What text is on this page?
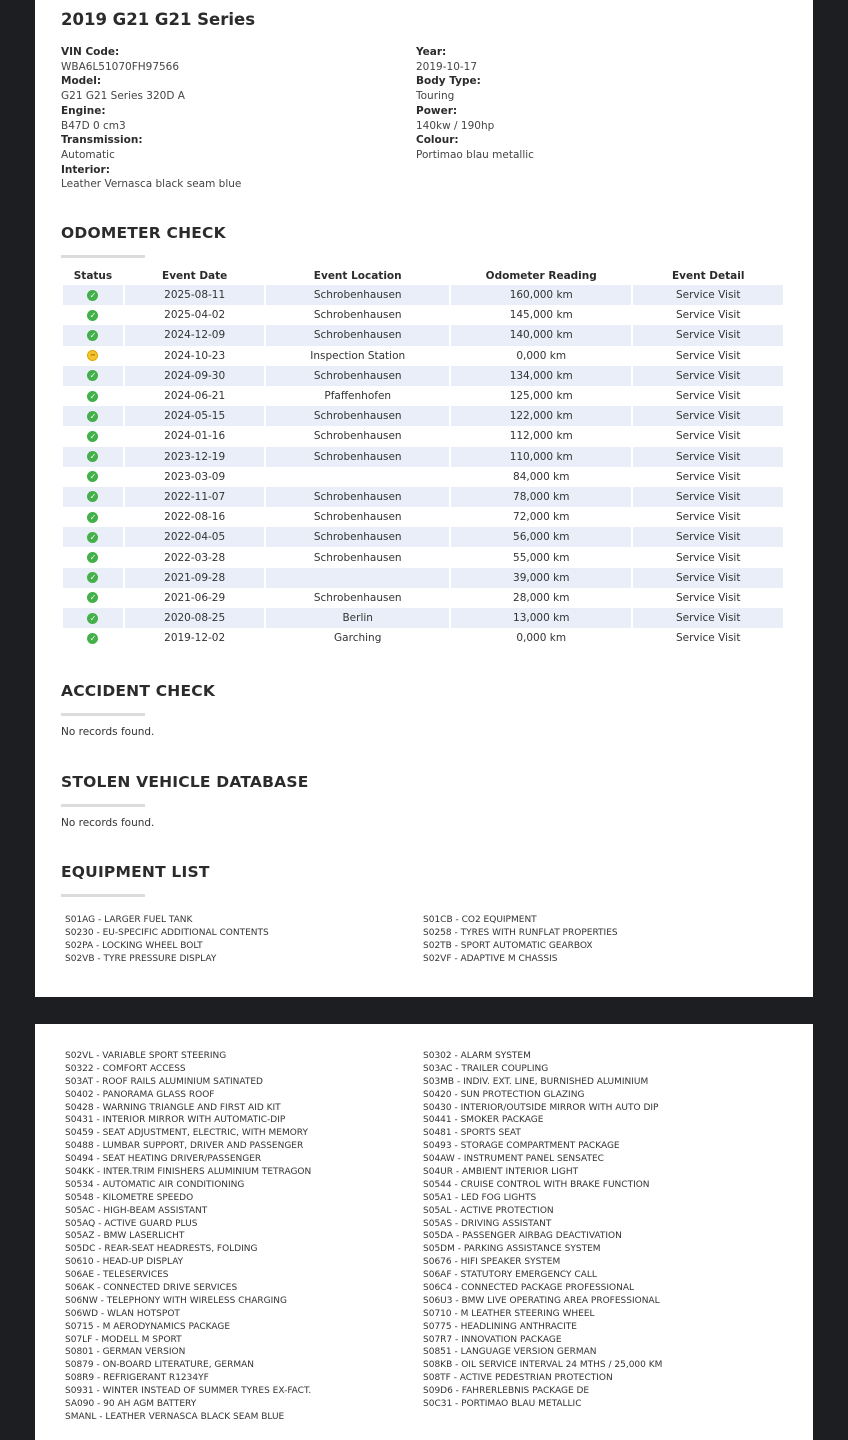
2019 G21 G21 Series
VIN Code:
WBA6L51070FH97566
Model:
G21 G21 Series 320D A
Engine:
B47D 0 cm3
Transmission:
Automatic
Interior:
Leather Vernasca black seam blue
Year:
2019-10-17
Body Type:
Touring
Power:
140kw / 190hp
Colour:
Portimao blau metallic
ODOMETER CHECK
Status	Event Date	Event Location	Odometer Reading	Event Detail
✓	2025-08-11	Schrobenhausen	160,000 km	Service Visit
✓	2025-04-02	Schrobenhausen	145,000 km	Service Visit
✓	2024-12-09	Schrobenhausen	140,000 km	Service Visit
−	2024-10-23	Inspection Station	0,000 km	Service Visit
✓	2024-09-30	Schrobenhausen	134,000 km	Service Visit
✓	2024-06-21	Pfaffenhofen	125,000 km	Service Visit
✓	2024-05-15	Schrobenhausen	122,000 km	Service Visit
✓	2024-01-16	Schrobenhausen	112,000 km	Service Visit
✓	2023-12-19	Schrobenhausen	110,000 km	Service Visit
✓	2023-03-09		84,000 km	Service Visit
✓	2022-11-07	Schrobenhausen	78,000 km	Service Visit
✓	2022-08-16	Schrobenhausen	72,000 km	Service Visit
✓	2022-04-05	Schrobenhausen	56,000 km	Service Visit
✓	2022-03-28	Schrobenhausen	55,000 km	Service Visit
✓	2021-09-28		39,000 km	Service Visit
✓	2021-06-29	Schrobenhausen	28,000 km	Service Visit
✓	2020-08-25	Berlin	13,000 km	Service Visit
✓	2019-12-02	Garching	0,000 km	Service Visit
ACCIDENT CHECK
No records found.
STOLEN VEHICLE DATABASE
No records found.
EQUIPMENT LIST
S01AG - LARGER FUEL TANK
S0230 - EU-SPECIFIC ADDITIONAL CONTENTS
S02PA - LOCKING WHEEL BOLT
S02VB - TYRE PRESSURE DISPLAY
S01CB - CO2 EQUIPMENT
S0258 - TYRES WITH RUNFLAT PROPERTIES
S02TB - SPORT AUTOMATIC GEARBOX
S02VF - ADAPTIVE M CHASSIS
S02VL - VARIABLE SPORT STEERING
S0322 - COMFORT ACCESS
S03AT - ROOF RAILS ALUMINIUM SATINATED
S0402 - PANORAMA GLASS ROOF
S0428 - WARNING TRIANGLE AND FIRST AID KIT
S0431 - INTERIOR MIRROR WITH AUTOMATIC-DIP
S0459 - SEAT ADJUSTMENT, ELECTRIC, WITH MEMORY
S0488 - LUMBAR SUPPORT, DRIVER AND PASSENGER
S0494 - SEAT HEATING DRIVER/PASSENGER
S04KK - INTER.TRIM FINISHERS ALUMINIUM TETRAGON
S0534 - AUTOMATIC AIR CONDITIONING
S0548 - KILOMETRE SPEEDO
S05AC - HIGH-BEAM ASSISTANT
S05AQ - ACTIVE GUARD PLUS
S05AZ - BMW LASERLICHT
S05DC - REAR-SEAT HEADRESTS, FOLDING
S0610 - HEAD-UP DISPLAY
S06AE - TELESERVICES
S06AK - CONNECTED DRIVE SERVICES
S06NW - TELEPHONY WITH WIRELESS CHARGING
S06WD - WLAN HOTSPOT
S0715 - M AERODYNAMICS PACKAGE
S07LF - MODELL M SPORT
S0801 - GERMAN VERSION
S0879 - ON-BOARD LITERATURE, GERMAN
S08R9 - REFRIGERANT R1234YF
S0931 - WINTER INSTEAD OF SUMMER TYRES EX-FACT.
SA090 - 90 AH AGM BATTERY
SMANL - LEATHER VERNASCA BLACK SEAM BLUE
S0302 - ALARM SYSTEM
S03AC - TRAILER COUPLING
S03MB - INDIV. EXT. LINE, BURNISHED ALUMINIUM
S0420 - SUN PROTECTION GLAZING
S0430 - INTERIOR/OUTSIDE MIRROR WITH AUTO DIP
S0441 - SMOKER PACKAGE
S0481 - SPORTS SEAT
S0493 - STORAGE COMPARTMENT PACKAGE
S04AW - INSTRUMENT PANEL SENSATEC
S04UR - AMBIENT INTERIOR LIGHT
S0544 - CRUISE CONTROL WITH BRAKE FUNCTION
S05A1 - LED FOG LIGHTS
S05AL - ACTIVE PROTECTION
S05AS - DRIVING ASSISTANT
S05DA - PASSENGER AIRBAG DEACTIVATION
S05DM - PARKING ASSISTANCE SYSTEM
S0676 - HIFI SPEAKER SYSTEM
S06AF - STATUTORY EMERGENCY CALL
S06C4 - CONNECTED PACKAGE PROFESSIONAL
S06U3 - BMW LIVE OPERATING AREA PROFESSIONAL
S0710 - M LEATHER STEERING WHEEL
S0775 - HEADLINING ANTHRACITE
S07R7 - INNOVATION PACKAGE
S0851 - LANGUAGE VERSION GERMAN
S08KB - OIL SERVICE INTERVAL 24 MTHS / 25,000 KM
S08TF - ACTIVE PEDESTRIAN PROTECTION
S09D6 - FAHRERLEBNIS PACKAGE DE
S0C31 - PORTIMAO BLAU METALLIC
